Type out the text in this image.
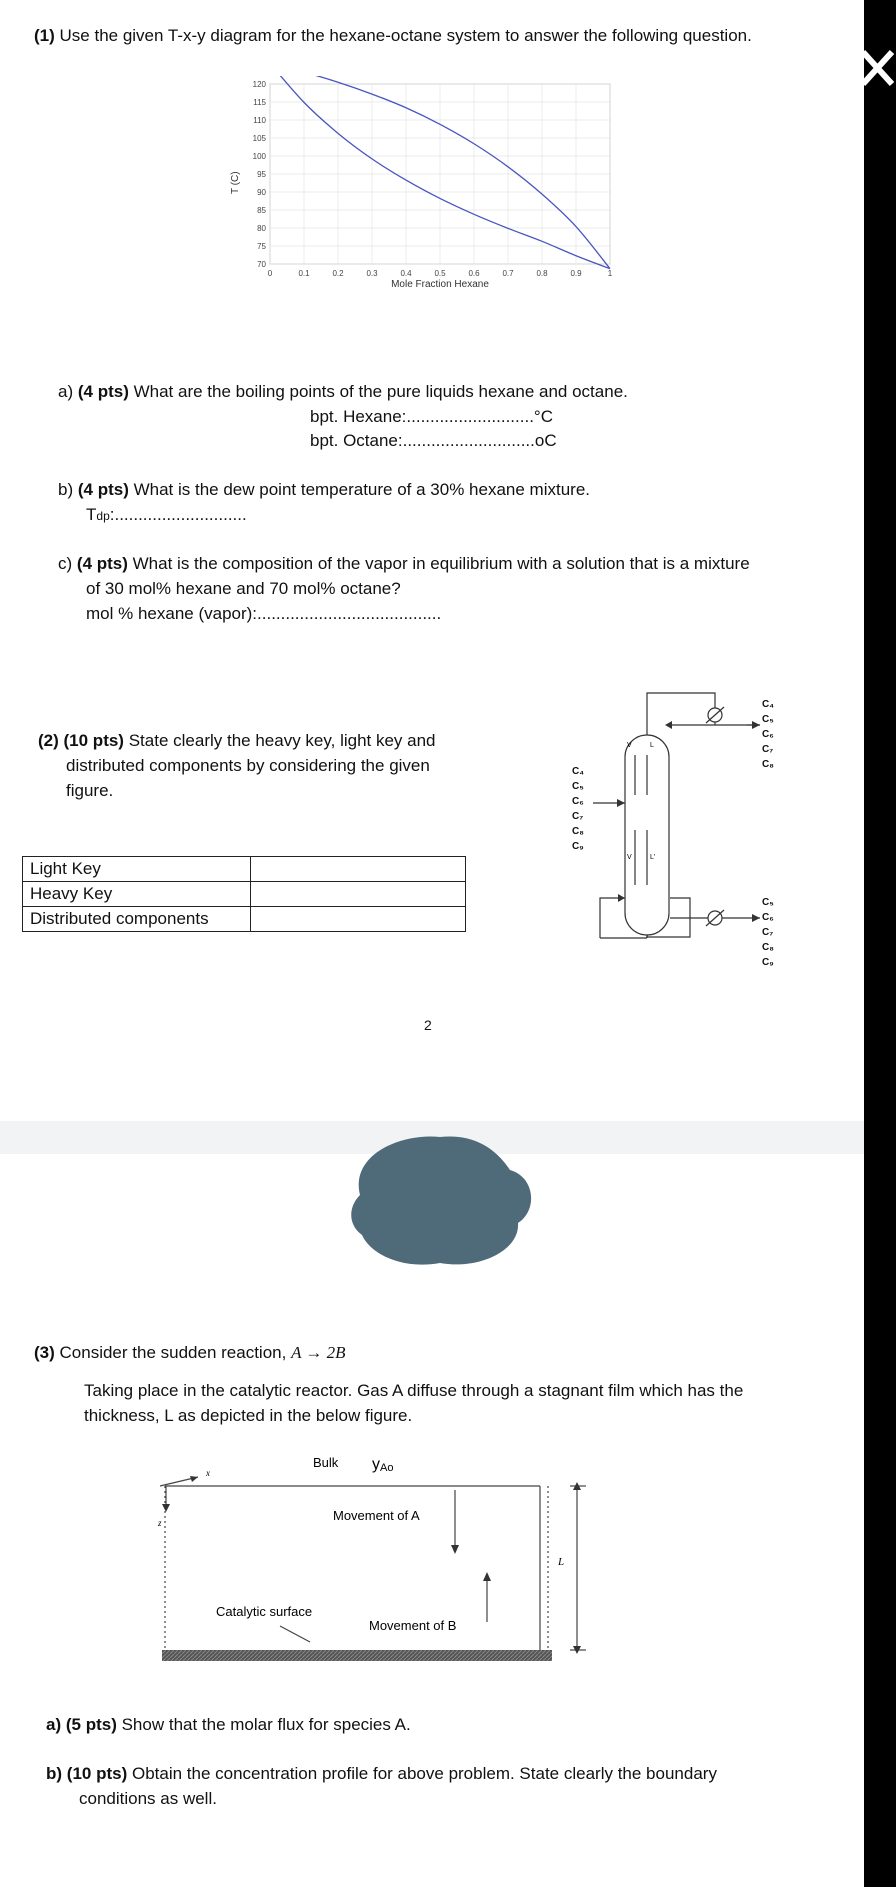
(1) Use the given T-x-y diagram for the hexane-octane system to answer the following question.
120
115
110
105
100
95
90
85
80
75
70
0	0.1	0.2	0.3	0.4	0.5	0.6	0.7	0.8	0.9	1
T (C)
Mole Fraction Hexane
a) (4 pts) What are the boiling points of the pure liquids hexane and octane.
bpt. Hexane:...........................°C
bpt. Octane:............................oC
b) (4 pts) What is the dew point temperature of a 30% hexane mixture.
Tdp:............................
c) (4 pts) What is the composition of the vapor in equilibrium with a solution that is a mixture
of 30 mol% hexane and 70 mol% octane?
mol % hexane (vapor):.......................................
(2) (10 pts) State clearly the heavy key, light key and
distributed components by considering the given
figure.
Light Key	
Heavy Key	
Distributed components	
V	L
V	L'
C₄
C₅
C₆
C₇
C₈
C₉
C₄
C₅
C₆
C₇
C₈
C₅
C₆
C₇
C₈
C₉
2
(3) Consider the sudden reaction, A → 2B
Taking place in the catalytic reactor. Gas A diffuse through a stagnant film which has the
thickness, L as depicted in the below figure.
Bulk yAo
x
z	Movement of A
Catalytic surface
Movement of B
L
a) (5 pts) Show that the molar flux for species A.
b) (10 pts) Obtain the concentration profile for above problem. State clearly the boundary
conditions as well.
